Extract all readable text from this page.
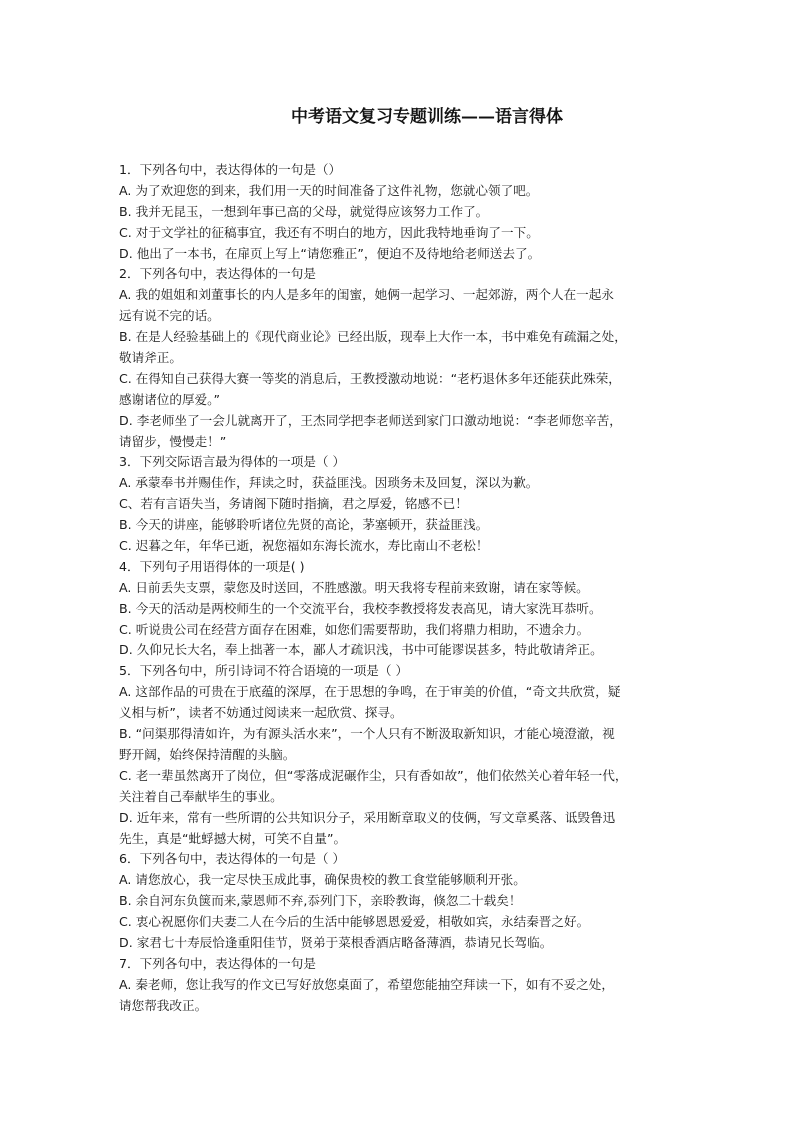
中考语文复习专题训练——语言得体
1．下列各句中，表达得体的一句是（）
A. 为了欢迎您的到来，我们用一天的时间准备了这件礼物，您就心领了吧。
B. 我并无昆玉，一想到年事已高的父母，就觉得应该努力工作了。
C. 对于文学社的征稿事宜，我还有不明白的地方，因此我特地垂询了一下。
D. 他出了一本书，在扉页上写上“请您雅正”，便迫不及待地给老师送去了。
2．下列各句中，表达得体的一句是
A. 我的姐姐和刘董事长的内人是多年的闺蜜，她俩一起学习、一起郊游，两个人在一起永
远有说不完的话。
B. 在是人经验基础上的《现代商业论》已经出版，现奉上大作一本，书中难免有疏漏之处，
敬请斧正。
C. 在得知自己获得大赛一等奖的消息后，王教授激动地说：“老朽退休多年还能获此殊荣，
感谢诸位的厚爱。”
D. 李老师坐了一会儿就离开了，王杰同学把李老师送到家门口激动地说：“李老师您辛苦，
请留步，慢慢走！”
3．下列交际语言最为得体的一项是（ ）
A. 承蒙奉书并赐佳作，拜读之时，获益匪浅。因琐务未及回复，深以为歉。
C、若有言语失当，务请阁下随时指摘，君之厚爱，铭感不已！
B. 今天的讲座，能够聆听诸位先贤的高论，茅塞顿开，获益匪浅。
C. 迟暮之年，年华已逝，祝您福如东海长流水，寿比南山不老松！
4．下列句子用语得体的一项是( )
A. 日前丢失支票，蒙您及时送回，不胜感激。明天我将专程前来致谢，请在家等候。
B. 今天的活动是两校师生的一个交流平台，我校李教授将发表高见，请大家洗耳恭听。
C. 听说贵公司在经营方面存在困难，如您们需要帮助，我们将鼎力相助，不遗余力。
D. 久仰兄长大名，奉上拙著一本，鄙人才疏识浅，书中可能谬误甚多，特此敬请斧正。
5．下列各句中，所引诗词不符合语境的一项是（ ）
A. 这部作品的可贵在于底蕴的深厚，在于思想的争鸣，在于审美的价值，“奇文共欣赏，疑
义相与析”，读者不妨通过阅读来一起欣赏、探寻。
B. “问渠那得清如许，为有源头活水来”，一个人只有不断汲取新知识，才能心境澄澈，视
野开阔，始终保持清醒的头脑。
C. 老一辈虽然离开了岗位，但“零落成泥碾作尘，只有香如故”，他们依然关心着年轻一代，
关注着自己奉献毕生的事业。
D. 近年来，常有一些所谓的公共知识分子，采用断章取义的伎俩，写文章奚落、诋毁鲁迅
先生，真是“蚍蜉撼大树，可笑不自量”。
6．下列各句中，表达得体的一句是（ ）
A. 请您放心，我一定尽快玉成此事，确保贵校的教工食堂能够顺利开张。
B. 余自河东负箧而来,蒙恩师不弃,忝列门下，亲聆教诲，倏忽二十载矣！
C. 衷心祝愿你们夫妻二人在今后的生活中能够恩恩爱爱，相敬如宾，永结秦晋之好。
D. 家君七十寿辰恰逢重阳佳节，贤弟于菜根香酒店略备薄酒，恭请兄长驾临。
7．下列各句中，表达得体的一句是
A. 秦老师，您让我写的作文已写好放您桌面了，希望您能抽空拜读一下，如有不妥之处，
请您帮我改正。
